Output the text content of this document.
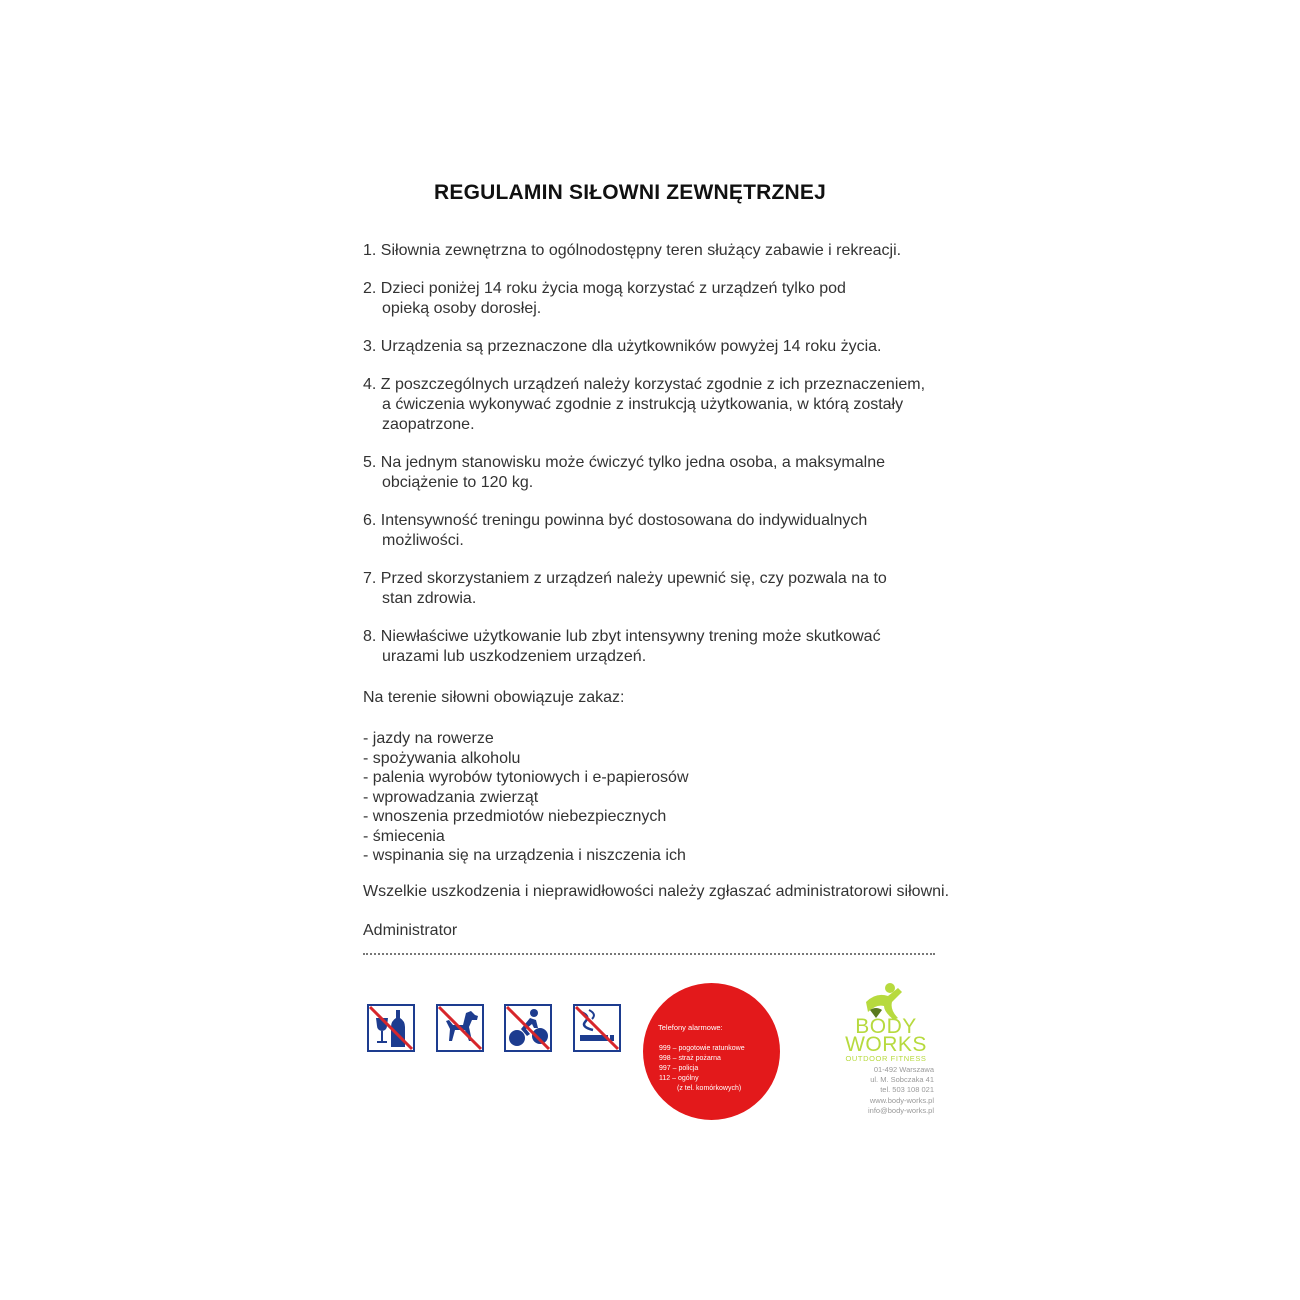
REGULAMIN SIŁOWNI ZEWNĘTRZNEJ
1. Siłownia zewnętrzna to ogólnodostępny teren służący zabawie i rekreacji.
2. Dzieci poniżej 14 roku życia mogą korzystać z urządzeń tylko pod
opieką osoby dorosłej.
3. Urządzenia są przeznaczone dla użytkowników powyżej 14 roku życia.
4. Z poszczególnych urządzeń należy korzystać zgodnie z ich przeznaczeniem,
a ćwiczenia wykonywać zgodnie z instrukcją użytkowania, w którą zostały
zaopatrzone.
5. Na jednym stanowisku może ćwiczyć tylko jedna osoba, a maksymalne
obciążenie to 120 kg.
6. Intensywność treningu powinna być dostosowana do indywidualnych
możliwości.
7. Przed skorzystaniem z urządzeń należy upewnić się, czy pozwala na to
stan zdrowia.
8. Niewłaściwe użytkowanie lub zbyt intensywny trening może skutkować
urazami lub uszkodzeniem urządzeń.
Na terenie siłowni obowiązuje zakaz:
- jazdy na rowerze
- spożywania alkoholu
- palenia wyrobów tytoniowych i e-papierosów
- wprowadzania zwierząt
- wnoszenia przedmiotów niebezpiecznych
- śmiecenia
- wspinania się na urządzenia i niszczenia ich
Wszelkie uszkodzenia i nieprawidłowości należy zgłaszać administratorowi siłowni.
Administrator
Telefony alarmowe:
999 – pogotowie ratunkowe
998 – straż pożarna
997 – policja
112 – ogólny
(z tel. komórkowych)
BODY
WORKS
OUTDOOR FITNESS
01-492 Warszawa
ul. M. Sobczaka 41
tel. 503 108 021
www.body-works.pl
info@body-works.pl
